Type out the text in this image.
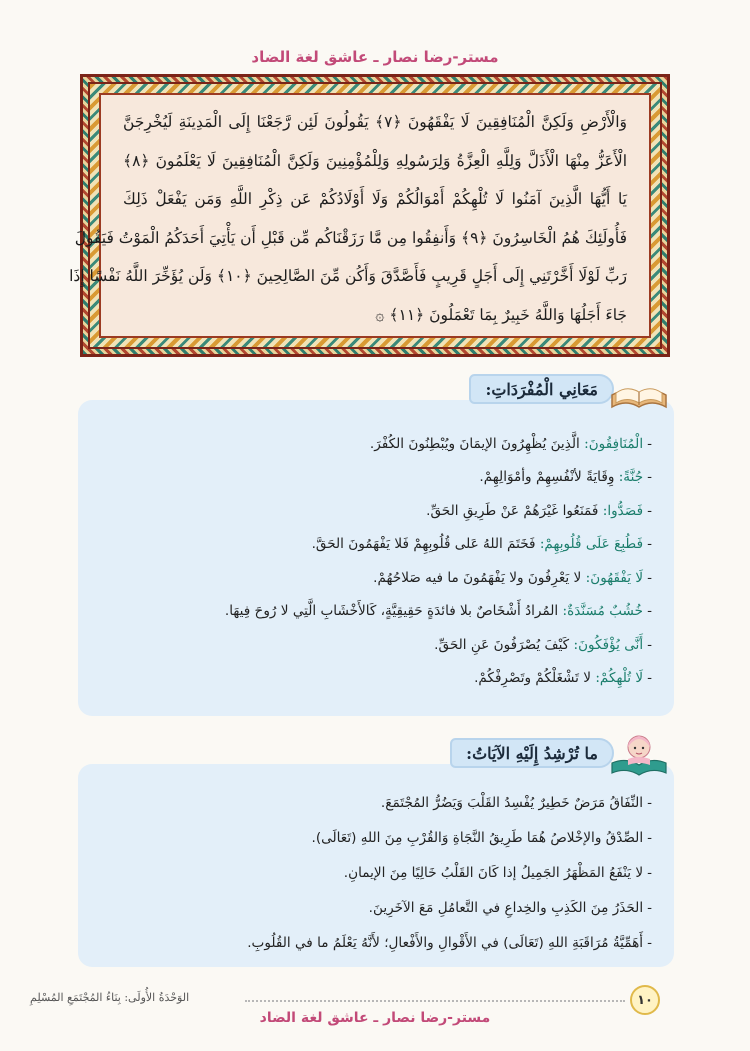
مستر-رضا نصار ـ عاشق لغة الضاد
وَالْأَرْضِ وَلَكِنَّ الْمُنَافِقِينَ لَا يَفْقَهُونَ ﴿٧﴾ يَقُولُونَ لَئِن رَّجَعْنَا إِلَى الْمَدِينَةِ لَيُخْرِجَنَّ
الْأَعَزُّ مِنْهَا الْأَذَلَّ وَلِلَّهِ الْعِزَّةُ وَلِرَسُولِهِ وَلِلْمُؤْمِنِينَ وَلَكِنَّ الْمُنَافِقِينَ لَا يَعْلَمُونَ ﴿٨﴾
يَا أَيُّهَا الَّذِينَ آمَنُوا لَا تُلْهِكُمْ أَمْوَالُكُمْ وَلَا أَوْلَادُكُمْ عَن ذِكْرِ اللَّهِ وَمَن يَفْعَلْ ذَلِكَ
فَأُولَئِكَ هُمُ الْخَاسِرُونَ ﴿٩﴾ وَأَنفِقُوا مِن مَّا رَزَقْنَاكُم مِّن قَبْلِ أَن يَأْتِيَ أَحَدَكُمُ الْمَوْتُ فَيَقُولَ
رَبِّ لَوْلَا أَخَّرْتَنِي إِلَى أَجَلٍ قَرِيبٍ فَأَصَّدَّقَ وَأَكُن مِّنَ الصَّالِحِينَ ﴿١٠﴾ وَلَن يُؤَخِّرَ اللَّهُ نَفْسًا إِذَا
جَاءَ أَجَلُهَا وَاللَّهُ خَبِيرٌ بِمَا تَعْمَلُونَ ﴿١١﴾ ۞
-
الْمُنَافِقُونَ:

الَّذِينَ يُظْهِرُونَ الإيمَانَ ويُبْطِنُونَ الكُفْرَ.
-
جُنَّةً:

وِقَايَةً لأنْفُسِهِمْ وأمْوَالِهِمْ.
-
فَصَدُّوا:

فَمَنَعُوا غَيْرَهُمْ عَنْ طَرِيقِ الحَقِّ.
-
فَطُبِعَ عَلَى قُلُوبِهِمْ:

فَخَتَمَ اللهُ عَلى قُلُوبِهِمْ فَلا يَفْهَمُونَ الحَقَّ.
-
لَا يَفْقَهُونَ:

لا يَعْرِفُونَ ولا يَفْهَمُونَ ما فيه صَلاحُهُمْ.
-
خُشُبٌ مُسَنَّدَةٌ:

المُرادُ أَشْخَاصٌ بلا فائدَةٍ حَقِيقِيَّةٍ، كَالأَخْشَابِ الَّتِي لا رُوحَ فِيهَا.
-
أَنَّى يُؤْفَكُونَ:

كَيْفَ يُصْرَفُونَ عَنِ الحَقِّ.
-
لَا تُلْهِكُمْ:

لا تَشْغَلْكُمْ وتَصْرِفْكُمْ.
مَعَانِي الْمُفْرَدَاتِ:
-
النِّفَاقُ مَرَضٌ خَطِيرٌ يُفْسِدُ القَلْبَ وَيَضُرُّ المُجْتَمَعَ.
-
الصِّدْقُ والإخْلاصُ هُمَا طَرِيقُ النَّجَاةِ وَالقُرْبِ مِنَ اللهِ (تَعَالَى).
-
لا يَنْفَعُ المَظْهَرُ الجَمِيلُ إذا كَانَ القَلْبُ خَالِيًا مِنَ الإيمانِ.
-
الحَذَرُ مِنَ الكَذِبِ والخِداعِ في التَّعامُلِ مَعَ الآخَرِينَ.
-
أَهَمِّيَّةُ مُرَاقَبَةِ اللهِ (تَعَالَى) في الأَقْوالِ والأَفْعالِ؛ لأَنَّهُ يَعْلَمُ ما في القُلُوبِ.
ما تُرْشِدُ إِلَيْهِ الآيَاتُ:
الوَحْدَةُ الأُولَى: بِنَاءُ المُجْتَمَعِ المُسْلِمِ	١٠
مستر-رضا نصار ـ عاشق لغة الضاد
